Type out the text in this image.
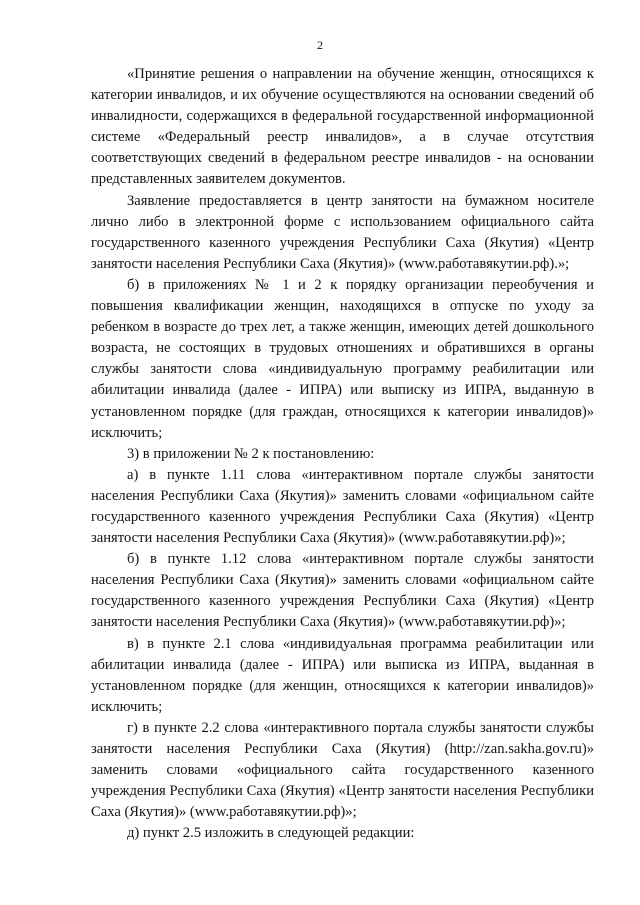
2

«Принятие решения о направлении на обучение женщин, относящихся к категории инвалидов, и их обучение осуществляются на основании сведений об инвалидности, содержащихся в федеральной государственной информационной системе «Федеральный реестр инвалидов», а в случае отсутствия соответствующих сведений в федеральном реестре инвалидов - на основании представленных заявителем документов.

Заявление предоставляется в центр занятости на бумажном носителе лично либо в электронной форме с использованием официального сайта государственного казенного учреждения Республики Саха (Якутия) «Центр занятости населения Республики Саха (Якутия)» (www.работавякутии.рф).»;

б) в приложениях № 1 и 2 к порядку организации переобучения и повышения квалификации женщин, находящихся в отпуске по уходу за ребенком в возрасте до трех лет, а также женщин, имеющих детей дошкольного возраста, не состоящих в трудовых отношениях и обратившихся в органы службы занятости слова «индивидуальную программу реабилитации или абилитации инвалида (далее - ИПРА) или выписку из ИПРА, выданную в установленном порядке (для граждан, относящихся к категории инвалидов)» исключить;

3) в приложении № 2 к постановлению:

а) в пункте 1.11 слова «интерактивном портале службы занятости населения Республики Саха (Якутия)» заменить словами «официальном сайте государственного казенного учреждения Республики Саха (Якутия) «Центр занятости населения Республики Саха (Якутия)» (www.работавякутии.рф)»;

б) в пункте 1.12 слова «интерактивном портале службы занятости населения Республики Саха (Якутия)» заменить словами «официальном сайте государственного казенного учреждения Республики Саха (Якутия) «Центр занятости населения Республики Саха (Якутия)» (www.работавякутии.рф)»;

в) в пункте 2.1 слова «индивидуальная программа реабилитации или абилитации инвалида (далее - ИПРА) или выписка из ИПРА, выданная в установленном порядке (для женщин, относящихся к категории инвалидов)» исключить;

г) в пункте 2.2 слова «интерактивного портала службы занятости службы занятости населения Республики Саха (Якутия) (http://zan.sakha.gov.ru)» заменить словами «официального сайта государственного казенного учреждения Республики Саха (Якутия) «Центр занятости населения Республики Саха (Якутия)» (www.работавякутии.рф)»;

д) пункт 2.5 изложить в следующей редакции:
